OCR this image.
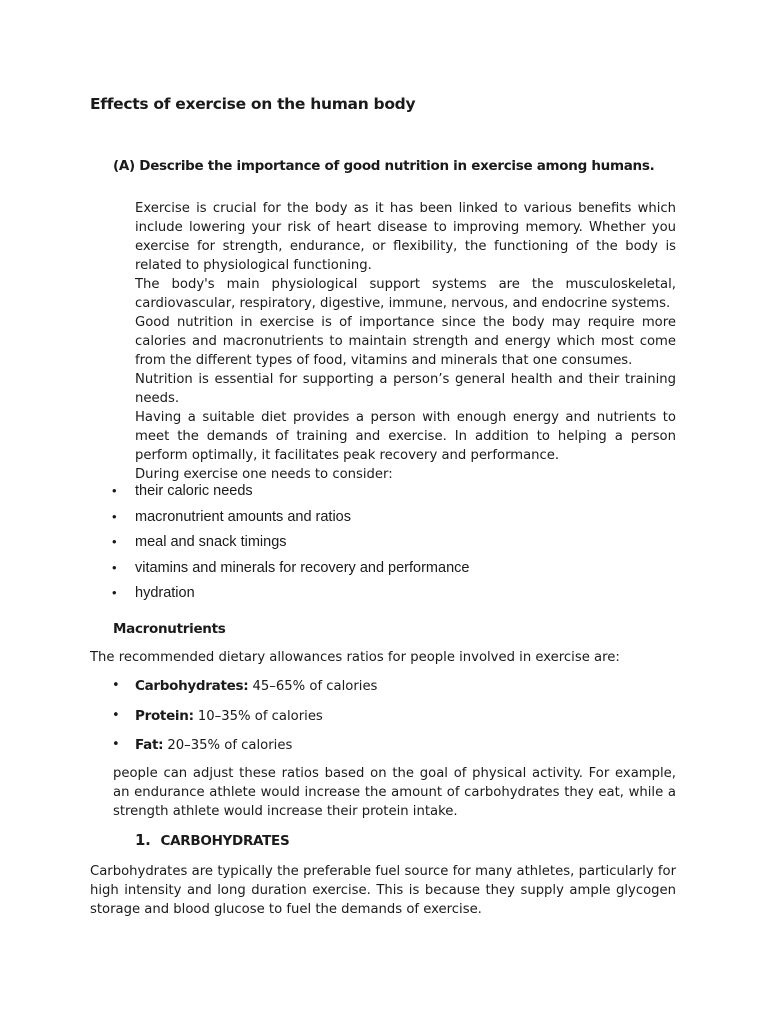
Effects of exercise on the human body
(A) Describe the importance of good nutrition in exercise among humans.

Exercise is crucial for the body as it has been linked to various benefits which include lowering your risk of heart disease to improving memory. Whether you exercise for strength, endurance, or flexibility, the functioning of the body is related to physiological functioning.

The body's main physiological support systems are the musculoskeletal, cardiovascular, respiratory, digestive, immune, nervous, and endocrine systems.

Good nutrition in exercise is of importance since the body may require more calories and macronutrients to maintain strength and energy which most come from the different types of food, vitamins and minerals that one consumes.

Nutrition is essential for supporting a person’s general health and their training needs.

Having a suitable diet provides a person with enough energy and nutrients to meet the demands of training and exercise. In addition to helping a person perform optimally, it facilitates peak recovery and performance.

During exercise one needs to consider:

• their caloric needs
• macronutrient amounts and ratios
• meal and snack timings
• vitamins and minerals for recovery and performance
• hydration
Macronutrients
The recommended dietary allowances ratios for people involved in exercise are:
• Carbohydrates: 45–65% of calories
• Protein: 10–35% of calories
• Fat: 20–35% of calories

people can adjust these ratios based on the goal of physical activity. For example, an endurance athlete would increase the amount of carbohydrates they eat, while a strength athlete would increase their protein intake.

1. CARBOHYDRATES

Carbohydrates are typically the preferable fuel source for many athletes, particularly for high intensity and long duration exercise. This is because they supply ample glycogen storage and blood glucose to fuel the demands of exercise.
